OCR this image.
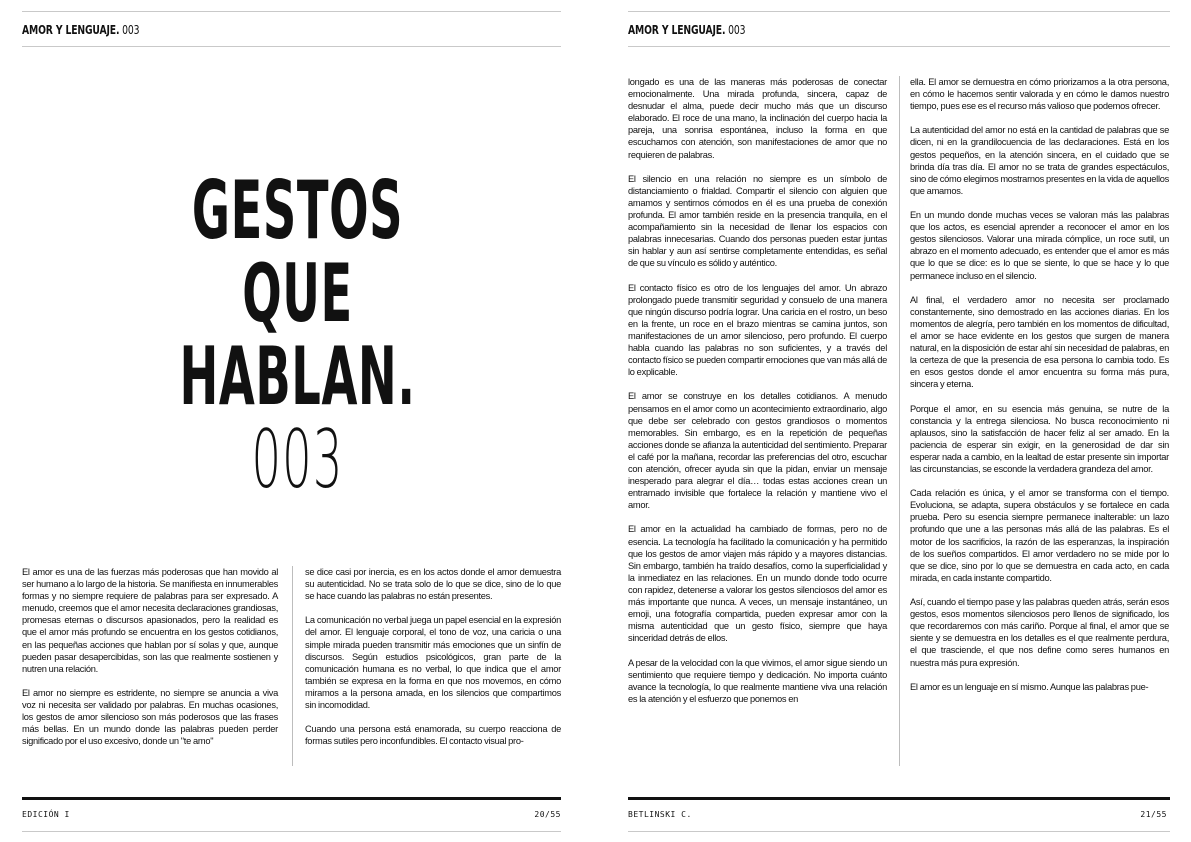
AMOR Y LENGUAJE. 003
GESTOS
QUE
HABLAN.
003

El amor es una de las fuerzas más poderosas que han movido al ser humano a lo largo de la historia. Se manifiesta en innumerables formas y no siempre requiere de palabras para ser expresado. A menudo, creemos que el amor necesita declaraciones grandiosas, promesas eternas o discursos apasionados, pero la realidad es que el amor más profundo se encuentra en los gestos cotidianos, en las pequeñas acciones que hablan por sí solas y que, aunque pueden pasar desapercibidas, son las que realmente sostienen y nutren una relación.

El amor no siempre es estridente, no siempre se anuncia a viva voz ni necesita ser validado por palabras. En muchas ocasiones, los gestos de amor silencioso son más poderosos que las frases más bellas. En un mundo donde las palabras pueden perder significado por el uso excesivo, donde un "te amo"

se dice casi por inercia, es en los actos donde el amor demuestra su autenticidad. No se trata solo de lo que se dice, sino de lo que se hace cuando las palabras no están presentes.

La comunicación no verbal juega un papel esencial en la expresión del amor. El lenguaje corporal, el tono de voz, una caricia o una simple mirada pueden transmitir más emociones que un sinfín de discursos. Según estudios psicológicos, gran parte de la comunicación humana es no verbal, lo que indica que el amor también se expresa en la forma en que nos movemos, en cómo miramos a la persona amada, en los silencios que compartimos sin incomodidad.

Cuando una persona está enamorada, su cuerpo reacciona de formas sutiles pero inconfundibles. El contacto visual pro-

EDICIÓN I	20/55
AMOR Y LENGUAJE. 003

longado es una de las maneras más poderosas de conectar emocionalmente. Una mirada profunda, sincera, capaz de desnudar el alma, puede decir mucho más que un discurso elaborado. El roce de una mano, la inclinación del cuerpo hacia la pareja, una sonrisa espontánea, incluso la forma en que escuchamos con atención, son manifestaciones de amor que no requieren de palabras.

El silencio en una relación no siempre es un símbolo de distanciamiento o frialdad. Compartir el silencio con alguien que amamos y sentirnos cómodos en él es una prueba de conexión profunda. El amor también reside en la presencia tranquila, en el acompañamiento sin la necesidad de llenar los espacios con palabras innecesarias. Cuando dos personas pueden estar juntas sin hablar y aun así sentirse completamente entendidas, es señal de que su vínculo es sólido y auténtico.

El contacto físico es otro de los lenguajes del amor. Un abrazo prolongado puede transmitir seguridad y consuelo de una manera que ningún discurso podría lograr. Una caricia en el rostro, un beso en la frente, un roce en el brazo mientras se camina juntos, son manifestaciones de un amor silencioso, pero profundo. El cuerpo habla cuando las palabras no son suficientes, y a través del contacto físico se pueden compartir emociones que van más allá de lo explicable.

El amor se construye en los detalles cotidianos. A menudo pensamos en el amor como un acontecimiento extraordinario, algo que debe ser celebrado con gestos grandiosos o momentos memorables. Sin embargo, es en la repetición de pequeñas acciones donde se afianza la autenticidad del sentimiento. Preparar el café por la mañana, recordar las preferencias del otro, escuchar con atención, ofrecer ayuda sin que la pidan, enviar un mensaje inesperado para alegrar el día… todas estas acciones crean un entramado invisible que fortalece la relación y mantiene vivo el amor.

El amor en la actualidad ha cambiado de formas, pero no de esencia. La tecnología ha facilitado la comunicación y ha permitido que los gestos de amor viajen más rápido y a mayores distancias. Sin embargo, también ha traído desafíos, como la superficialidad y la inmediatez en las relaciones. En un mundo donde todo ocurre con rapidez, detenerse a valorar los gestos silenciosos del amor es más importante que nunca. A veces, un mensaje instantáneo, un emoji, una fotografía compartida, pueden expresar amor con la misma autenticidad que un gesto físico, siempre que haya sinceridad detrás de ellos.

A pesar de la velocidad con la que vivimos, el amor sigue siendo un sentimiento que requiere tiempo y dedicación. No importa cuánto avance la tecnología, lo que realmente mantiene viva una relación es la atención y el esfuerzo que ponemos en

ella. El amor se demuestra en cómo priorizamos a la otra persona, en cómo le hacemos sentir valorada y en cómo le damos nuestro tiempo, pues ese es el recurso más valioso que podemos ofrecer.

La autenticidad del amor no está en la cantidad de palabras que se dicen, ni en la grandilocuencia de las declaraciones. Está en los gestos pequeños, en la atención sincera, en el cuidado que se brinda día tras día. El amor no se trata de grandes espectáculos, sino de cómo elegimos mostrarnos presentes en la vida de aquellos que amamos.

En un mundo donde muchas veces se valoran más las palabras que los actos, es esencial aprender a reconocer el amor en los gestos silenciosos. Valorar una mirada cómplice, un roce sutil, un abrazo en el momento adecuado, es entender que el amor es más que lo que se dice: es lo que se siente, lo que se hace y lo que permanece incluso en el silencio.

Al final, el verdadero amor no necesita ser proclamado constantemente, sino demostrado en las acciones diarias. En los momentos de alegría, pero también en los momentos de dificultad, el amor se hace evidente en los gestos que surgen de manera natural, en la disposición de estar ahí sin necesidad de palabras, en la certeza de que la presencia de esa persona lo cambia todo. Es en esos gestos donde el amor encuentra su forma más pura, sincera y eterna.

Porque el amor, en su esencia más genuina, se nutre de la constancia y la entrega silenciosa. No busca reconocimiento ni aplausos, sino la satisfacción de hacer feliz al ser amado. En la paciencia de esperar sin exigir, en la generosidad de dar sin esperar nada a cambio, en la lealtad de estar presente sin importar las circunstancias, se esconde la verdadera grandeza del amor.

Cada relación es única, y el amor se transforma con el tiempo. Evoluciona, se adapta, supera obstáculos y se fortalece en cada prueba. Pero su esencia siempre permanece inalterable: un lazo profundo que une a las personas más allá de las palabras. Es el motor de los sacrificios, la razón de las esperanzas, la inspiración de los sueños compartidos. El amor verdadero no se mide por lo que se dice, sino por lo que se demuestra en cada acto, en cada mirada, en cada instante compartido.

Así, cuando el tiempo pase y las palabras queden atrás, serán esos gestos, esos momentos silenciosos pero llenos de significado, los que recordaremos con más cariño. Porque al final, el amor que se siente y se demuestra en los detalles es el que realmente perdura, el que trasciende, el que nos define como seres humanos en nuestra más pura expresión.

El amor es un lenguaje en sí mismo. Aunque las palabras pue-

BETLINSKI C.	21/55
